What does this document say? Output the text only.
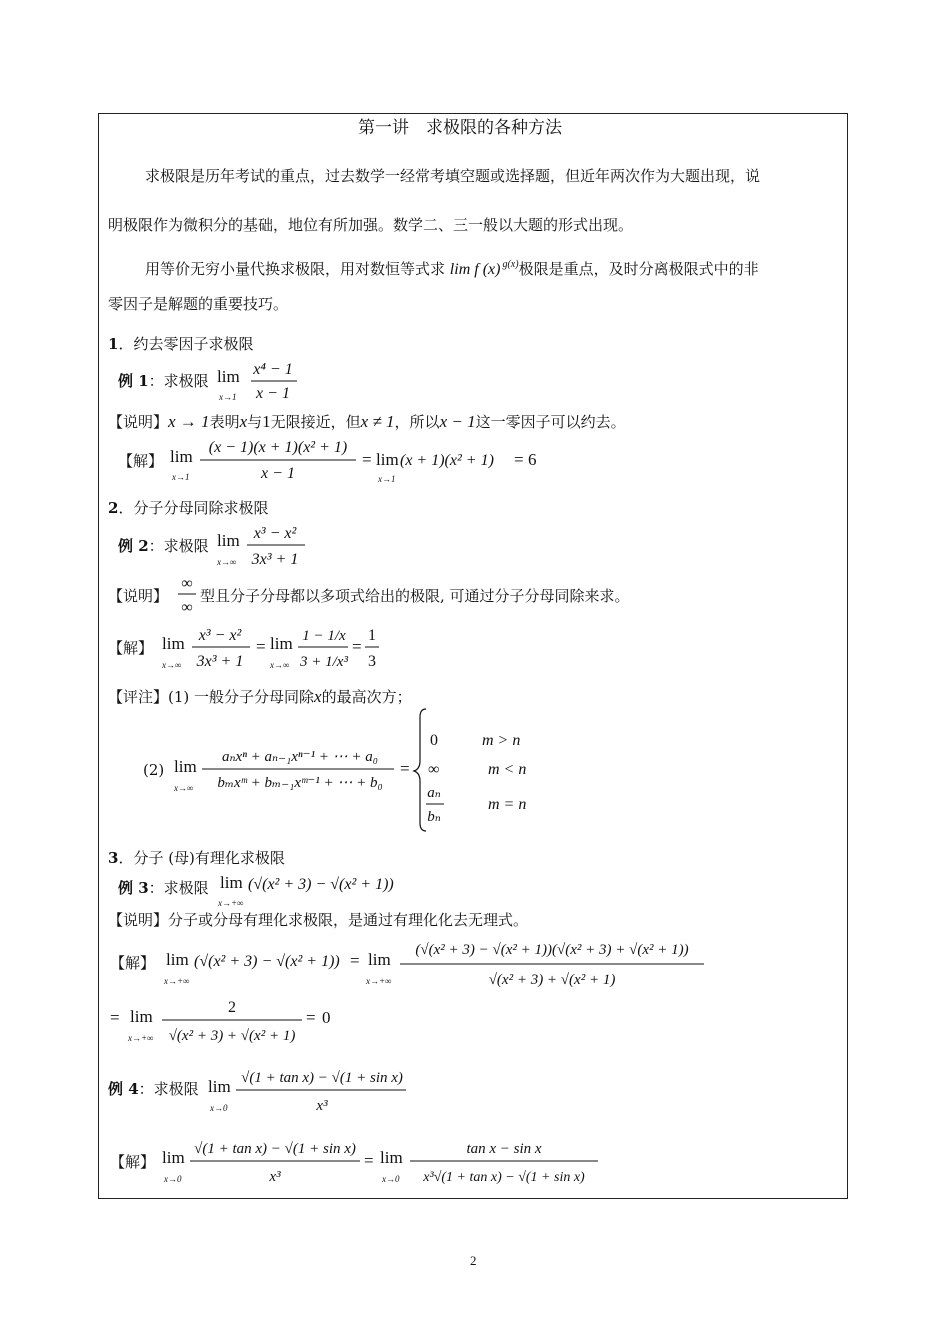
第一讲　求极限的各种方法
求极限是历年考试的重点，过去数学一经常考填空题或选择题，但近年两次作为大题出现，说
明极限作为微积分的基础，地位有所加强。数学二、三一般以大题的形式出现。
用等价无穷小量代换求极限，用对数恒等式求 lim f (x) $^{g(x)}$极限是重点，及时分离极限式中的非
零因子是解题的重要技巧。
1．约去零因子求极限
例 1：求极限 lim
x→1
x⁴ − 1
x − 1
【说明】x → 1表明x与1无限接近，但x ≠ 1，所以x − 1这一零因子可以约去。
【解】 lim
x→1
(x − 1)(x + 1)(x² + 1)
x − 1
= lim
x→1
(x + 1)(x² + 1) = 6
2．分子分母同除求极限
例 2：求极限 lim
x→∞
x³ − x²
3x³ + 1
【说明】
∞
∞
型且分子分母都以多项式给出的极限, 可通过分子分母同除来求。
【解】 lim
x→∞
x³ − x²
3x³ + 1
= lim
x→∞
1 − 1/x
3 + 1/x³
=
1
3
【评注】(1) 一般分子分母同除x的最高次方；
(2) lim
x→∞
aₙxⁿ + aₙ₋₁xⁿ⁻¹ + ⋯ + a₀
bₘxᵐ + bₘ₋₁xᵐ⁻¹ + ⋯ + b₀
=
0	m > n
∞	m < n
aₙ
bₙ
m = n
3．分子 (母)有理化求极限
例 3：求极限 lim
x→+∞
(√(x² + 3) − √(x² + 1))
【说明】分子或分母有理化求极限，是通过有理化化去无理式。
【解】 lim
x→+∞
(√(x² + 3) − √(x² + 1)) = lim
x→+∞
(√(x² + 3) − √(x² + 1))(√(x² + 3) + √(x² + 1))
√(x² + 3) + √(x² + 1)
= lim
x→+∞
2
√(x² + 3) + √(x² + 1)
= 0
例 4：求极限 lim
x→0
√(1 + tan x) − √(1 + sin x)
x³
【解】 lim
x→0
√(1 + tan x) − √(1 + sin x)
x³
= lim
x→0
tan x − sin x
x³√(1 + tan x) − √(1 + sin x)
2
